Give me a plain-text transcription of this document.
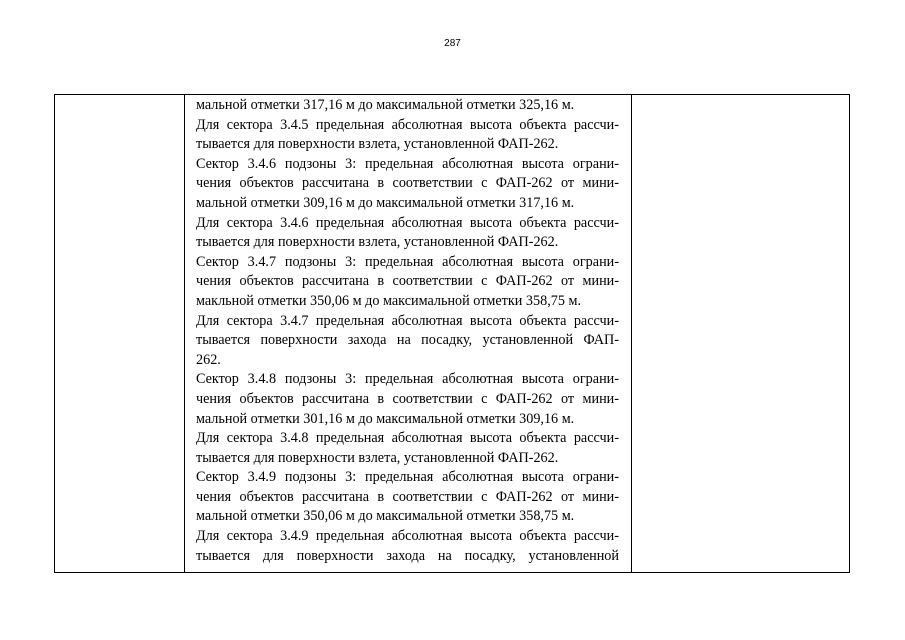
287
мальной отметки 317,16 м до максимальной отметки 325,16 м.
Для сектора 3.4.5 предельная абсолютная высота объекта рассчи-
тывается для поверхности взлета, установленной ФАП-262.
Сектор 3.4.6 подзоны 3: предельная абсолютная высота ограни-
чения объектов рассчитана в соответствии с ФАП-262 от мини-
мальной отметки 309,16 м до максимальной отметки 317,16 м.
Для сектора 3.4.6 предельная абсолютная высота объекта рассчи-
тывается для поверхности взлета, установленной ФАП-262.
Сектор 3.4.7 подзоны 3: предельная абсолютная высота ограни-
чения объектов рассчитана в соответствии с ФАП-262 от мини-
макльной отметки 350,06 м до максимальной отметки 358,75 м.
Для сектора 3.4.7 предельная абсолютная высота объекта рассчи-
тывается поверхности захода на посадку, установленной ФАП-
262.
Сектор 3.4.8 подзоны 3: предельная абсолютная высота ограни-
чения объектов рассчитана в соответствии с ФАП-262 от мини-
мальной отметки 301,16 м до максимальной отметки 309,16 м.
Для сектора 3.4.8 предельная абсолютная высота объекта рассчи-
тывается для поверхности взлета, установленной ФАП-262.
Сектор 3.4.9 подзоны 3: предельная абсолютная высота ограни-
чения объектов рассчитана в соответствии с ФАП-262 от мини-
мальной отметки 350,06 м до максимальной отметки 358,75 м.
Для сектора 3.4.9 предельная абсолютная высота объекта рассчи-
тывается для поверхности захода на посадку, установленной
